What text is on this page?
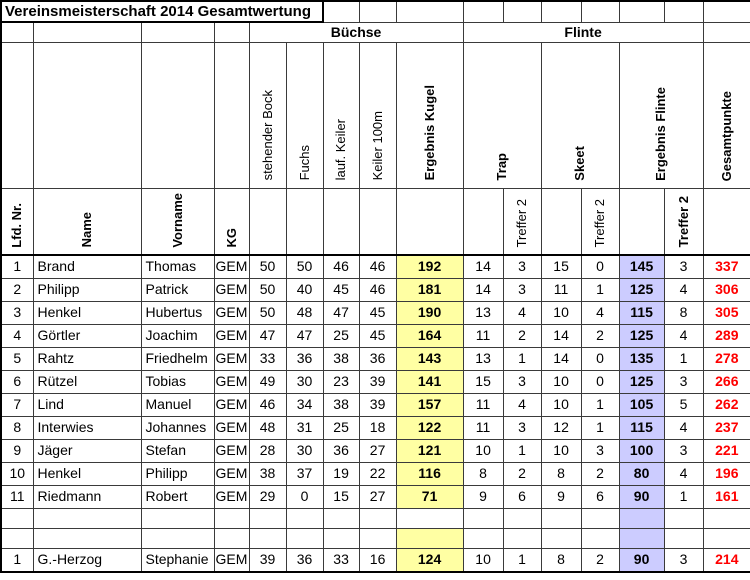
Vereinsmeisterschaft 2014 Gesamtwertung															
				Büchse					Flinte						
				stehender Bock	Fuchs	lauf. Keiler	Keiler 100m	Ergebnis Kugel	Trap		Skeet		Ergebnis Flinte		Gesamtpunkte
Lfd. Nr.	Name	Vorname	KG							Treffer 2		Treffer 2		Treffer 2	
1	Brand	Thomas	GEM	50	50	46	46	192	14	3	15	0	145	3	337
2	Philipp	Patrick	GEM	50	40	45	46	181	14	3	11	1	125	4	306
3	Henkel	Hubertus	GEM	50	48	47	45	190	13	4	10	4	115	8	305
4	Görtler	Joachim	GEM	47	47	25	45	164	11	2	14	2	125	4	289
5	Rahtz	Friedhelm	GEM	33	36	38	36	143	13	1	14	0	135	1	278
6	Rützel	Tobias	GEM	49	30	23	39	141	15	3	10	0	125	3	266
7	Lind	Manuel	GEM	46	34	38	39	157	11	4	10	1	105	5	262
8	Interwies	Johannes	GEM	48	31	25	18	122	11	3	12	1	115	4	237
9	Jäger	Stefan	GEM	28	30	36	27	121	10	1	10	3	100	3	221
10	Henkel	Philipp	GEM	38	37	19	22	116	8	2	8	2	80	4	196
11	Riedmann	Robert	GEM	29	0	15	27	71	9	6	9	6	90	1	161

1	G.-Herzog	Stephanie	GEM	39	36	33	16	124	10	1	8	2	90	3	214
